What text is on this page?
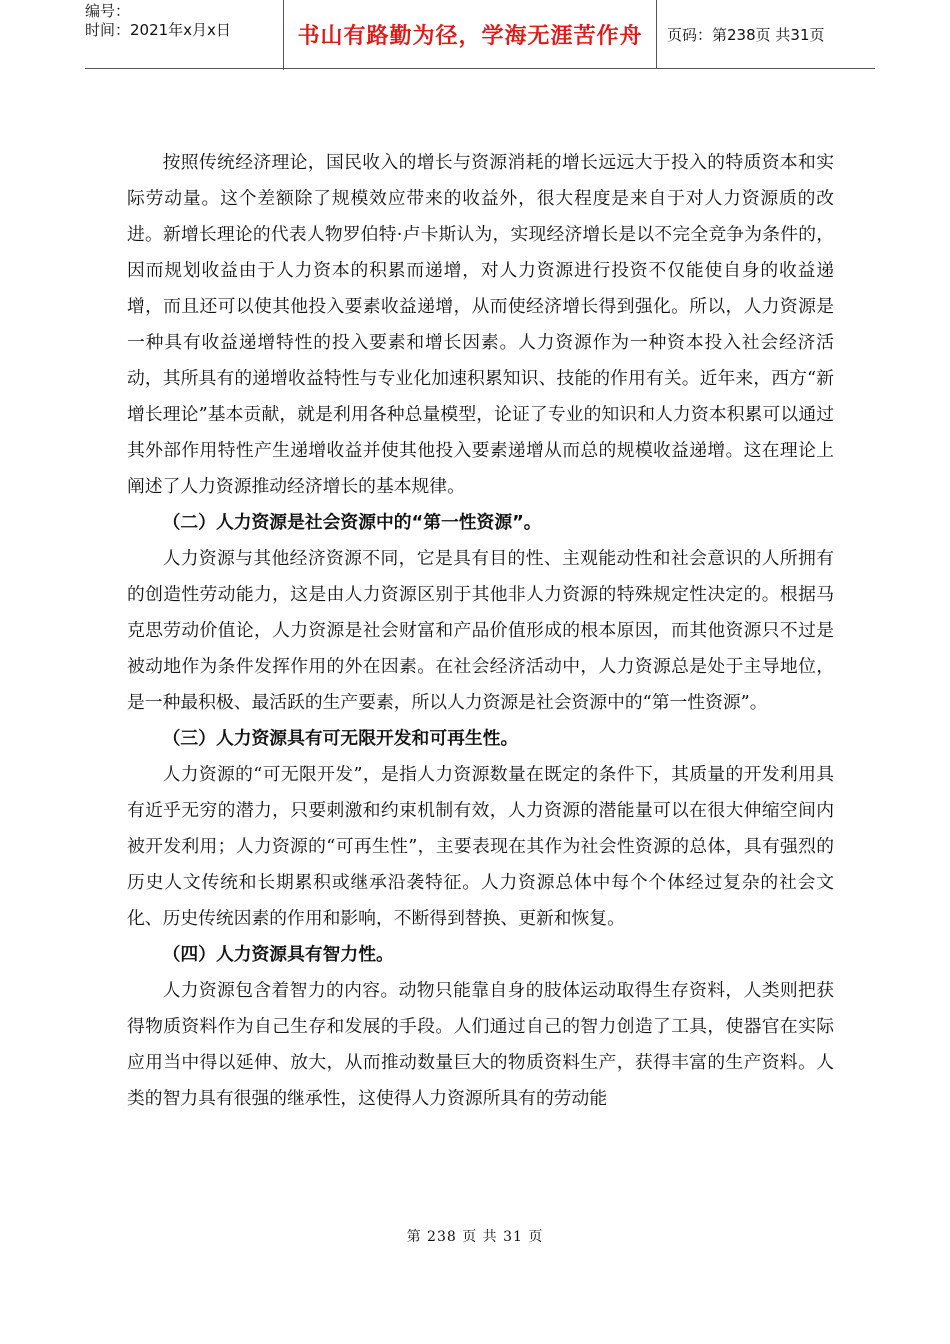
编号：
时间：2021年x月x日	书山有路勤为径，学海无涯苦作舟	页码：第238页 共31页

按照传统经济理论，国民收入的增长与资源消耗的增长远远大于投入的特质资本和实际劳动量。这个差额除了规模效应带来的收益外，很大程度是来自于对人力资源质的改进。新增长理论的代表人物罗伯特·卢卡斯认为，实现经济增长是以不完全竞争为条件的，因而规划收益由于人力资本的积累而递增，对人力资源进行投资不仅能使自身的收益递增，而且还可以使其他投入要素收益递增，从而使经济增长得到强化。所以，人力资源是一种具有收益递增特性的投入要素和增长因素。人力资源作为一种资本投入社会经济活动，其所具有的递增收益特性与专业化加速积累知识、技能的作用有关。近年来，西方“新增长理论”基本贡献，就是利用各种总量模型，论证了专业的知识和人力资本积累可以通过其外部作用特性产生递增收益并使其他投入要素递增从而总的规模收益递增。这在理论上阐述了人力资源推动经济增长的基本规律。

（二）人力资源是社会资源中的“第一性资源”。

人力资源与其他经济资源不同，它是具有目的性、主观能动性和社会意识的人所拥有的创造性劳动能力，这是由人力资源区别于其他非人力资源的特殊规定性决定的。根据马克思劳动价值论，人力资源是社会财富和产品价值形成的根本原因，而其他资源只不过是被动地作为条件发挥作用的外在因素。在社会经济活动中，人力资源总是处于主导地位，是一种最积极、最活跃的生产要素，所以人力资源是社会资源中的“第一性资源”。

（三）人力资源具有可无限开发和可再生性。

人力资源的“可无限开发”，是指人力资源数量在既定的条件下，其质量的开发利用具有近乎无穷的潜力，只要刺激和约束机制有效，人力资源的潜能量可以在很大伸缩空间内被开发利用；人力资源的“可再生性”，主要表现在其作为社会性资源的总体，具有强烈的历史人文传统和长期累积或继承沿袭特征。人力资源总体中每个个体经过复杂的社会文化、历史传统因素的作用和影响，不断得到替换、更新和恢复。

（四）人力资源具有智力性。

人力资源包含着智力的内容。动物只能靠自身的肢体运动取得生存资料，人类则把获得物质资料作为自己生存和发展的手段。人们通过自己的智力创造了工具，使器官在实际应用当中得以延伸、放大，从而推动数量巨大的物质资料生产，获得丰富的生产资料。人类的智力具有很强的继承性，这使得人力资源所具有的劳动能

第 238 页 共 31 页
